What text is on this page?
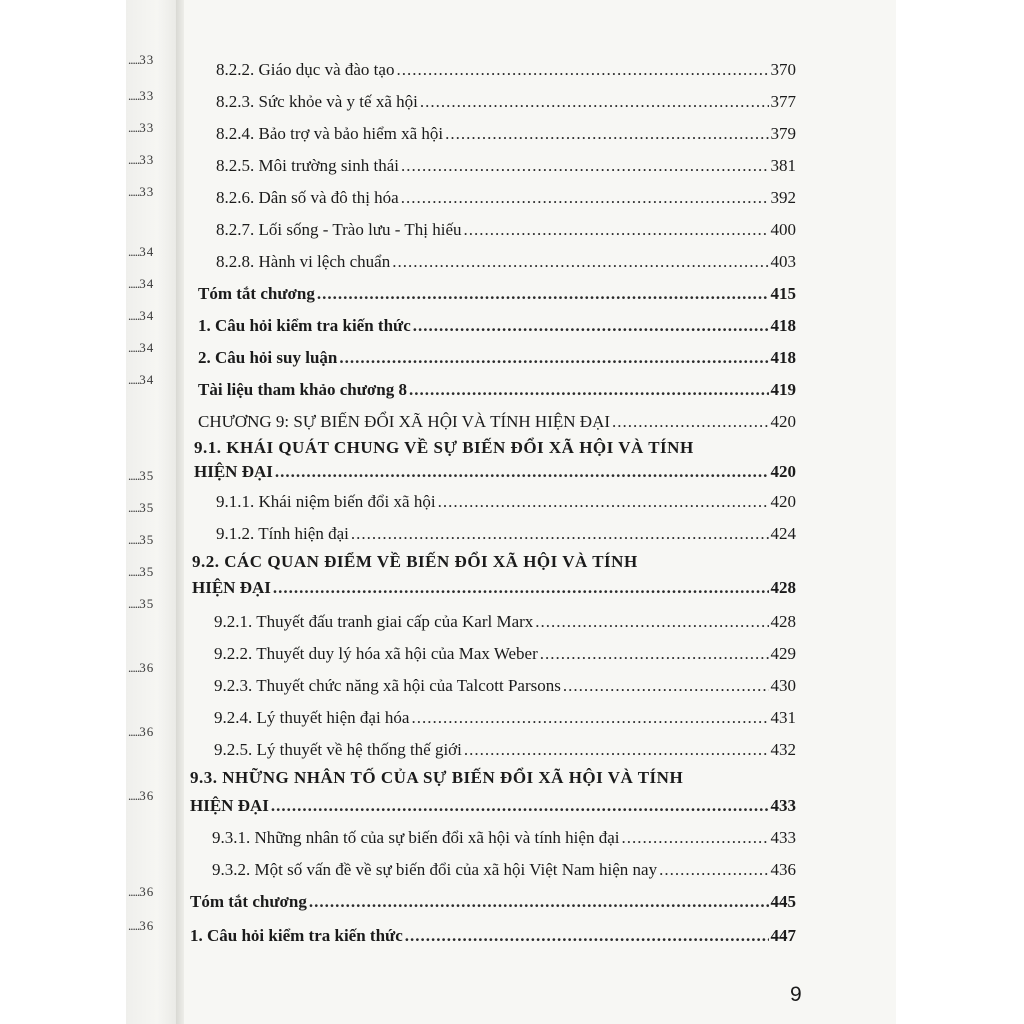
.....33
.....33
.....33
.....33
.....33
.....34
.....34
.....34
.....34
.....34
.....35
.....35
.....35
.....35
.....35
.....36
.....36
.....36
.....36
.....36
8.2.2. Giáo dục và đào tạo .....	370
8.2.3. Sức khỏe và y tế xã hội .....	377
8.2.4. Bảo trợ và bảo hiểm xã hội .....	379
8.2.5. Môi trường sinh thái .....	381
8.2.6. Dân số và đô thị hóa .....	392
8.2.7. Lối sống - Trào lưu - Thị hiếu .....	400
8.2.8. Hành vi lệch chuẩn .....	403
Tóm tắt chương .....	415
1. Câu hỏi kiểm tra kiến thức .....	418
2. Câu hỏi suy luận .....	418
Tài liệu tham khảo chương 8 .....	419
CHƯƠNG 9: SỰ BIẾN ĐỔI XÃ HỘI VÀ TÍNH HIỆN ĐẠI .....	420
9.1. KHÁI QUÁT CHUNG VỀ SỰ BIẾN ĐỔI XÃ HỘI VÀ TÍNH
HIỆN ĐẠI .....	420
9.1.1. Khái niệm biến đổi xã hội .....	420
9.1.2. Tính hiện đại .....	424
9.2. CÁC QUAN ĐIỂM VỀ BIẾN ĐỔI XÃ HỘI VÀ TÍNH
HIỆN ĐẠI .....	428
9.2.1. Thuyết đấu tranh giai cấp của Karl Marx .....	428
9.2.2. Thuyết duy lý hóa xã hội của Max Weber .....	429
9.2.3. Thuyết chức năng xã hội của Talcott Parsons .....	430
9.2.4. Lý thuyết hiện đại hóa .....	431
9.2.5. Lý thuyết về hệ thống thế giới .....	432
9.3. NHỮNG NHÂN TỐ CỦA SỰ BIẾN ĐỔI XÃ HỘI VÀ TÍNH
HIỆN ĐẠI .....	433
9.3.1. Những nhân tố của sự biến đổi xã hội và tính hiện đại .....	433
9.3.2. Một số vấn đề về sự biến đổi của xã hội Việt Nam hiện nay .....	436
Tóm tắt chương .....	445
1. Câu hỏi kiểm tra kiến thức .....	447
9
